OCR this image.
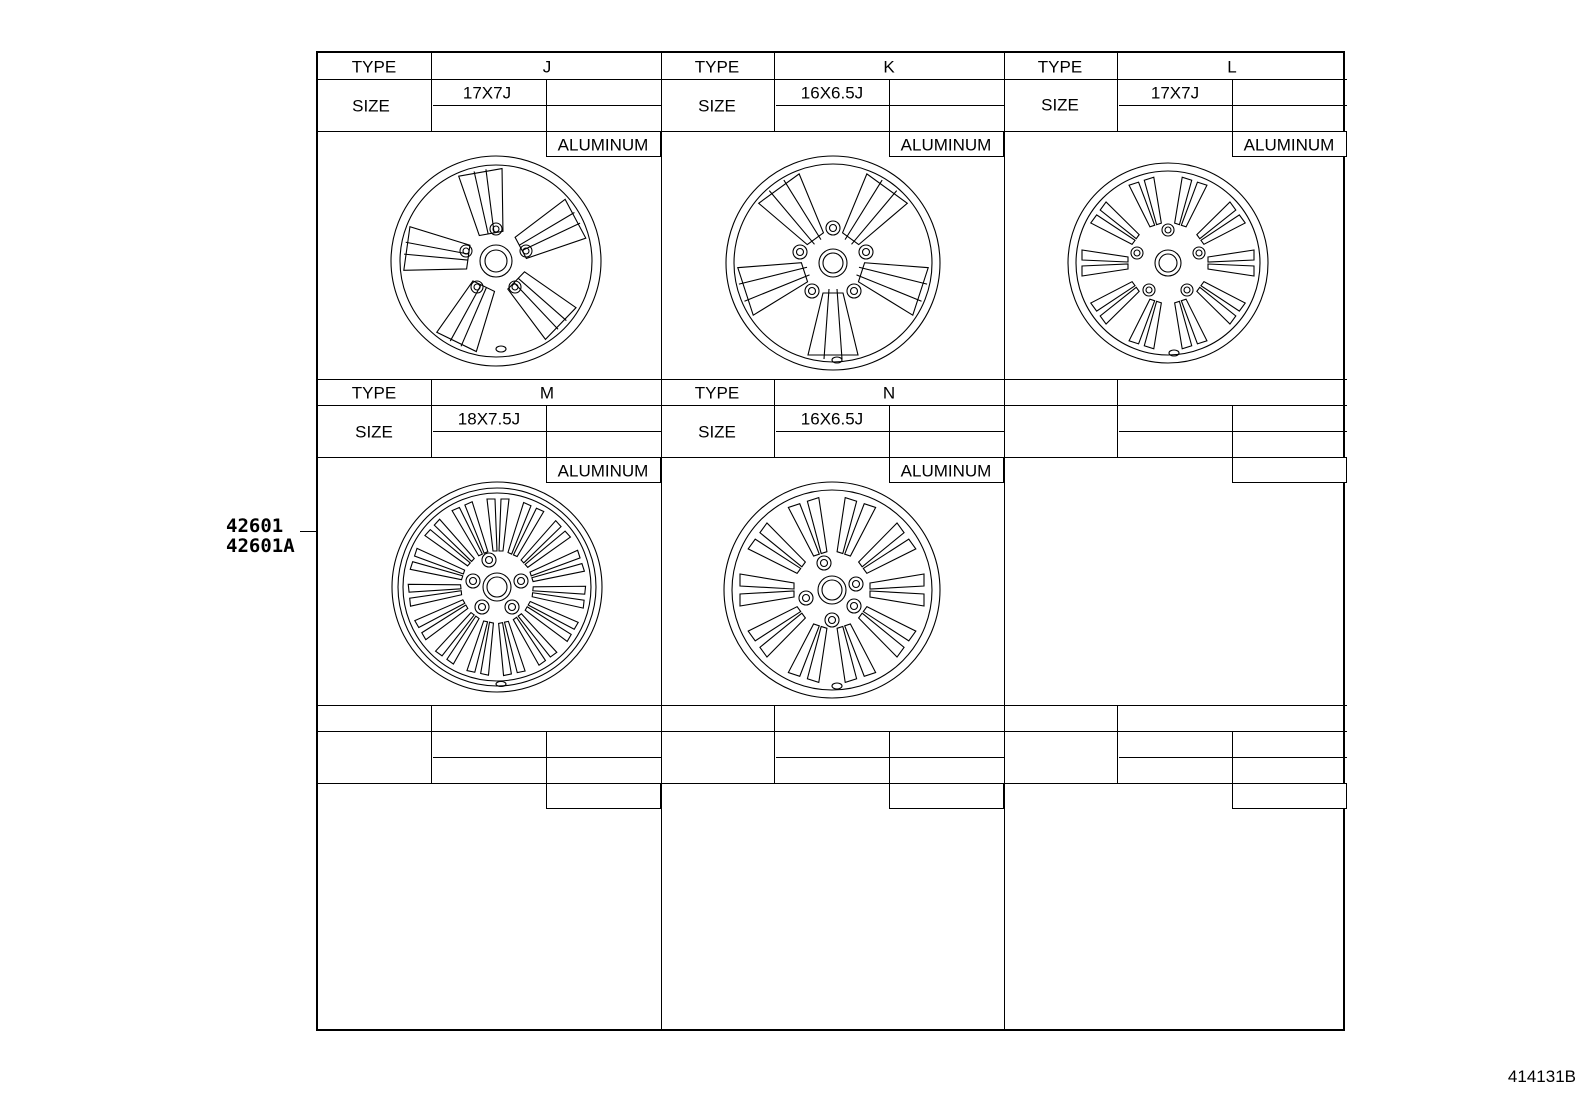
42601
42601A
TYPE	J
SIZE
17X7J
ALUMINUM
TYPE	K
SIZE
16X6.5J
ALUMINUM
TYPE	L
SIZE
17X7J
ALUMINUM
TYPE	M
SIZE
18X7.5J
ALUMINUM
TYPE	N
SIZE
16X6.5J
ALUMINUM
414131B
